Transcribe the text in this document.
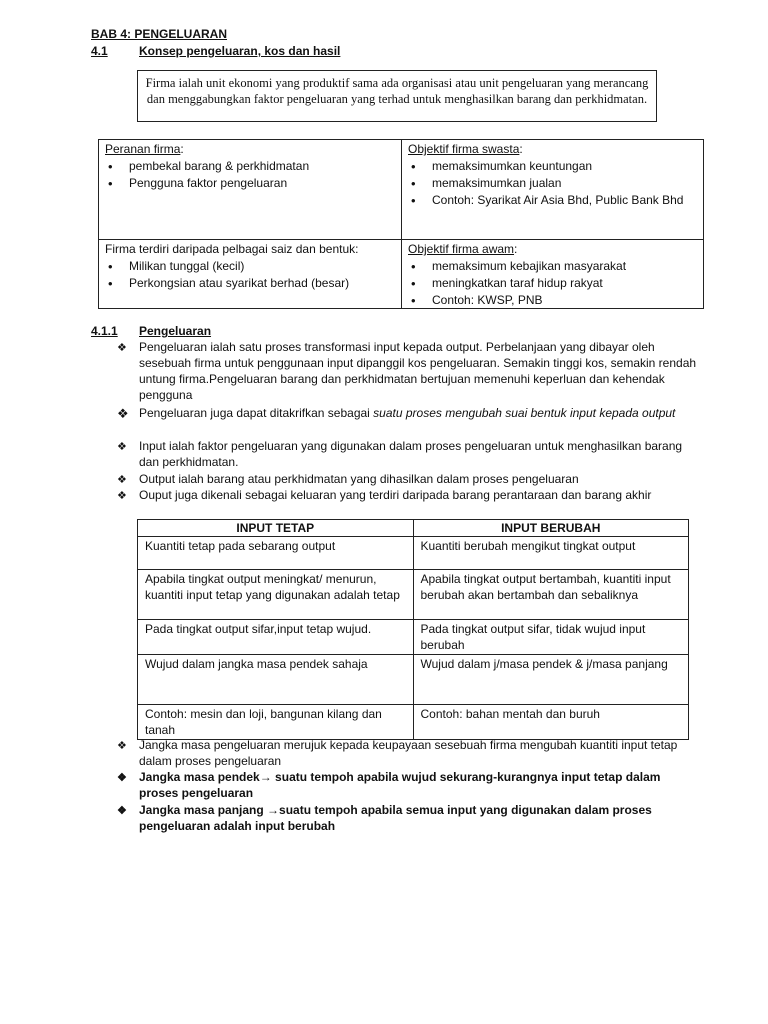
BAB 4: PENGELUARAN
4.1	Konsep pengeluaran, kos dan hasil
Firma ialah unit ekonomi yang produktif sama ada organisasi atau unit pengeluaran yang merancang dan menggabungkan faktor pengeluaran yang terhad untuk menghasilkan barang dan perkhidmatan.
Peranan firma:
• pembekal barang & perkhidmatan
• Pengguna faktor pengeluaran
Objektif firma swasta:
• memaksimumkan keuntungan
• memaksimumkan jualan
• Contoh: Syarikat Air Asia Bhd, Public Bank Bhd
Firma terdiri daripada pelbagai saiz dan bentuk:
• Milikan tunggal (kecil)
• Perkongsian atau syarikat berhad (besar)
Objektif firma awam:
• memaksimum kebajikan masyarakat
• meningkatkan taraf hidup rakyat
• Contoh: KWSP, PNB
4.1.1 Pengeluaran
❖ Pengeluaran ialah satu proses transformasi input kepada output. Perbelanjaan yang dibayar oleh sesebuah firma untuk penggunaan input dipanggil kos pengeluaran. Semakin tinggi kos, semakin rendah untung firma.Pengeluaran barang dan perkhidmatan bertujuan memenuhi keperluan dan kehendak pengguna
❖ Pengeluaran juga dapat ditakrifkan sebagai suatu proses mengubah suai bentuk input kepada output
❖ Input ialah faktor pengeluaran yang digunakan dalam proses pengeluaran untuk menghasilkan barang dan perkhidmatan.
❖ Output ialah barang atau perkhidmatan yang dihasilkan dalam proses pengeluaran
❖ Ouput juga dikenali sebagai keluaran yang terdiri daripada barang perantaraan dan barang akhir
INPUT TETAP	INPUT BERUBAH
Kuantiti tetap pada sebarang output	Kuantiti berubah mengikut tingkat output
Apabila tingkat output meningkat/ menurun, kuantiti input tetap yang digunakan adalah tetap	Apabila tingkat output bertambah, kuantiti input berubah akan bertambah dan sebaliknya
Pada tingkat output sifar,input tetap wujud.	Pada tingkat output sifar, tidak wujud input berubah
Wujud dalam jangka masa pendek sahaja	Wujud dalam j/masa pendek & j/masa panjang
Contoh: mesin dan loji, bangunan kilang dan tanah	Contoh: bahan mentah dan buruh
❖ Jangka masa pengeluaran merujuk kepada keupayaan sesebuah firma mengubah kuantiti input tetap dalam proses pengeluaran
❖ Jangka masa pendek→ suatu tempoh apabila wujud sekurang-kurangnya input tetap dalam proses pengeluaran
❖ Jangka masa panjang →suatu tempoh apabila semua input yang digunakan dalam proses pengeluaran adalah input berubah
